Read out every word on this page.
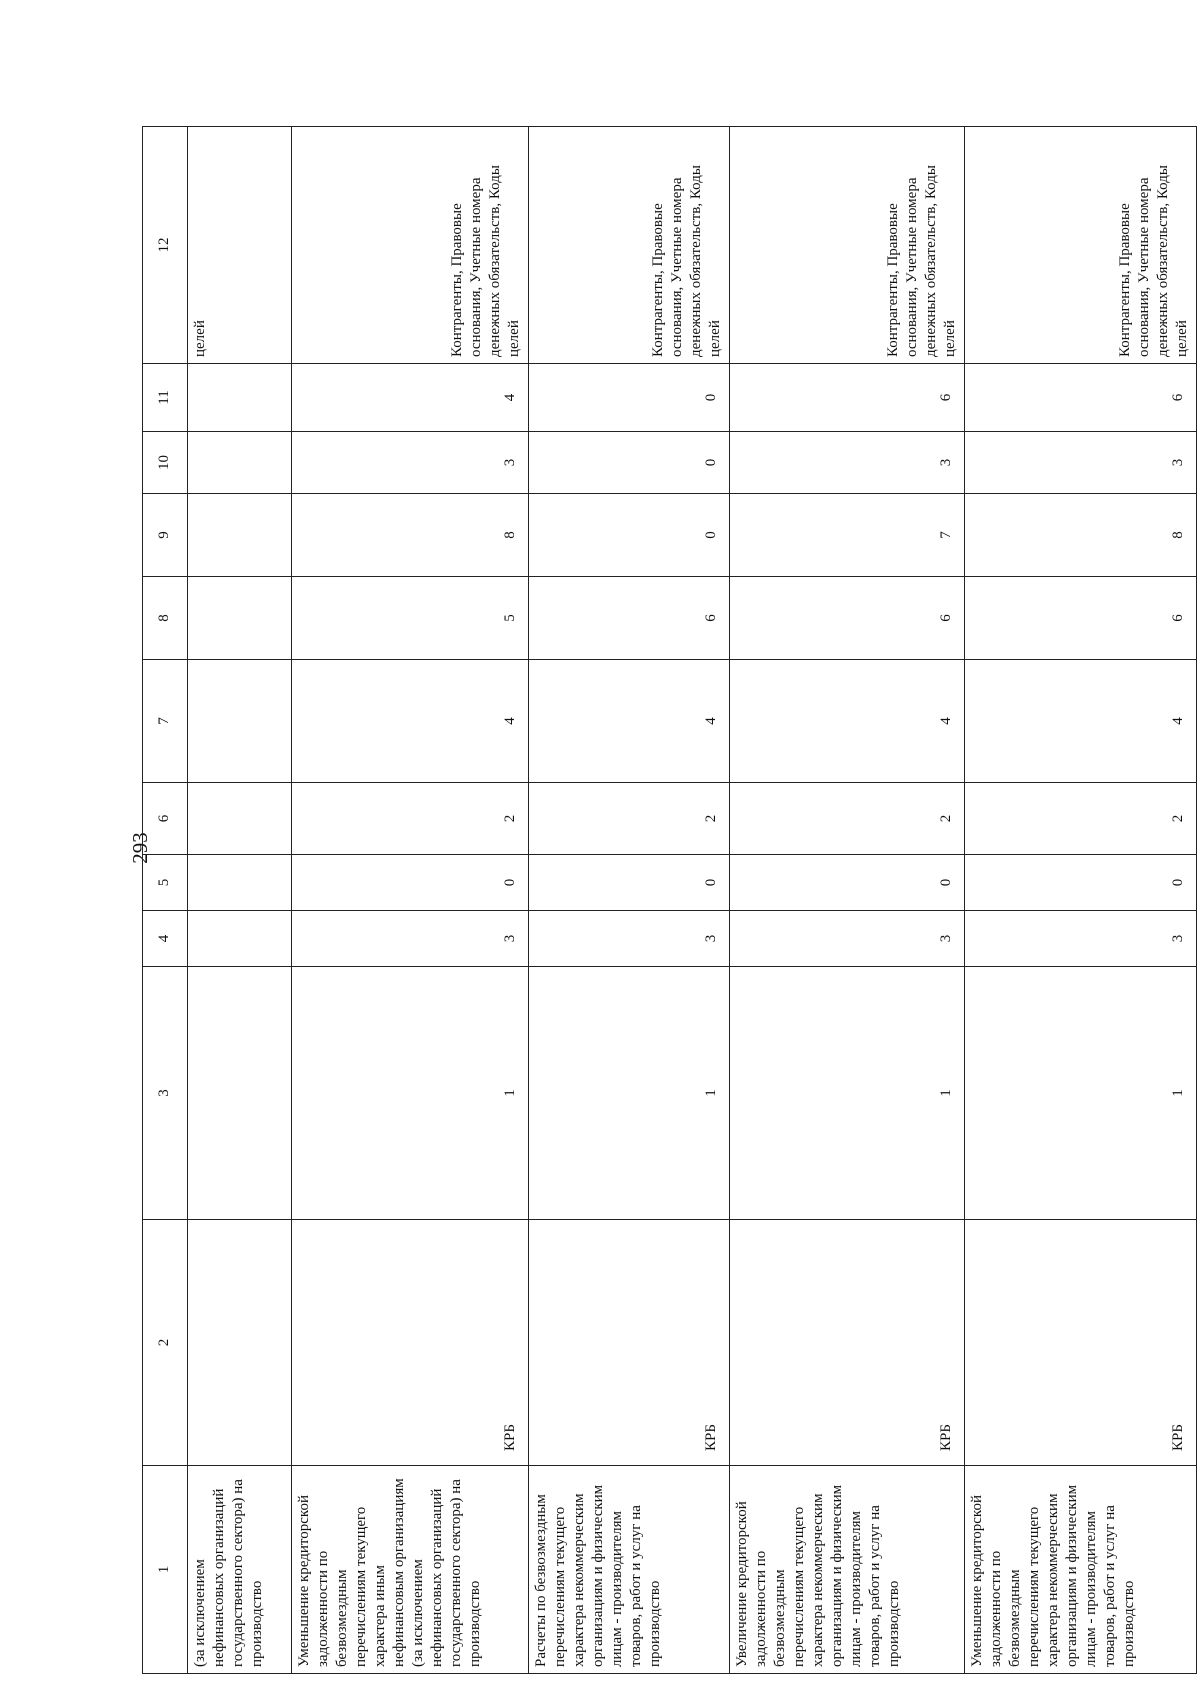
293
1	2	3	4	5	6	7	8	9	10	11	12
(за исключением нефинансовых организаций государственного сектора) на производство											целей
Уменьшение кредиторской задолженности по безвозмездным перечислениям текущего характера иным нефинансовым организациям (за исключением нефинансовых организаций государственного сектора) на производство	КРБ	1	3	0	2	4	5	8	3	4	Контрагенты, Правовые основания, Учетные номера денежных обязательств, Коды целей
Расчеты по безвозмездным перечислениям текущего характера некоммерческим организациям и физическим лицам - производителям товаров, работ и услуг на производство	КРБ	1	3	0	2	4	6	0	0	0	Контрагенты, Правовые основания, Учетные номера денежных обязательств, Коды целей
Увеличение кредиторской задолженности по безвозмездным перечислениям текущего характера некоммерческим организациям и физическим лицам - производителям товаров, работ и услуг на производство	КРБ	1	3	0	2	4	6	7	3	6	Контрагенты, Правовые основания, Учетные номера денежных обязательств, Коды целей
Уменьшение кредиторской задолженности по безвозмездным перечислениям текущего характера некоммерческим организациям и физическим лицам - производителям товаров, работ и услуг на производство	КРБ	1	3	0	2	4	6	8	3	6	Контрагенты, Правовые основания, Учетные номера денежных обязательств, Коды целей
